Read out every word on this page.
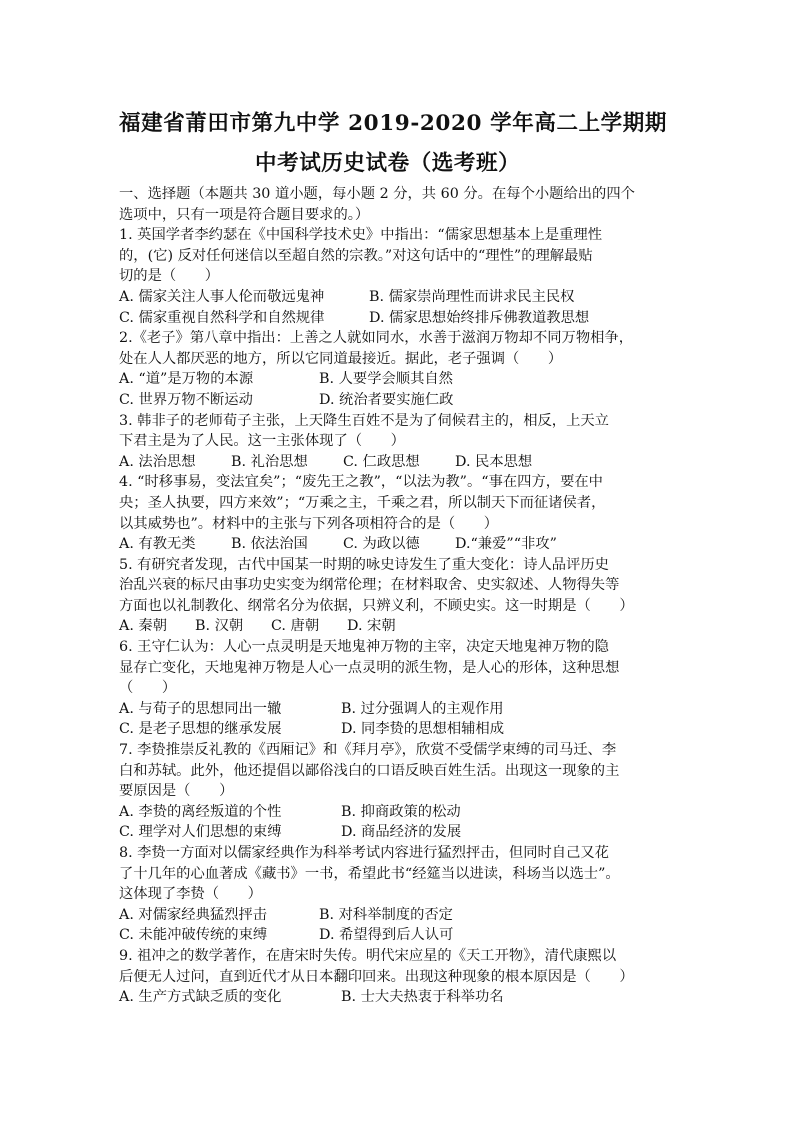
福建省莆田市第九中学 2019-2020 学年高二上学期期
中考试历史试卷（选考班）
一、选择题（本题共 30 道小题，每小题 2 分，共 60 分。在每个小题给出的四个
选项中，只有一项是符合题目要求的。）
1. 英国学者李约瑟在《中国科学技术史》中指出：“儒家思想基本上是重理性
的，(它) 反对任何迷信以至超自然的宗教。”对这句话中的“理性”的理解最贴
切的是（　　）
A. 儒家关注人事人伦而敬远鬼神	B. 儒家崇尚理性而讲求民主民权
C. 儒家重视自然科学和自然规律	D. 儒家思想始终排斥佛教道教思想
2.《老子》第八章中指出：上善之人就如同水，水善于滋润万物却不同万物相争，
处在人人都厌恶的地方，所以它同道最接近。据此，老子强调（　　）
A. “道”是万物的本源	B. 人要学会顺其自然
C. 世界万物不断运动	D. 统治者要实施仁政
3. 韩非子的老师荀子主张，上天降生百姓不是为了伺候君主的，相反，上天立
下君主是为了人民。这一主张体现了（　　）
A. 法治思想 B. 礼治思想 C. 仁政思想 D. 民本思想
4. “时移事易，变法宜矣”；“废先王之教”，“以法为教”。“事在四方，要在中
央；圣人执要，四方来效”；“万乘之主，千乘之君，所以制天下而征诸侯者，
以其威势也”。材料中的主张与下列各项相符合的是（　　）
A. 有教无类 B. 依法治国 C. 为政以德 D.“兼爱”“非攻”
5. 有研究者发现，古代中国某一时期的咏史诗发生了重大变化：诗人品评历史
治乱兴衰的标尺由事功史实变为纲常伦理；在材料取舍、史实叙述、人物得失等
方面也以礼制教化、纲常名分为依据，只辨义利，不顾史实。这一时期是（　　）
A. 秦朝 B. 汉朝 C. 唐朝 D. 宋朝
6. 王守仁认为：人心一点灵明是天地鬼神万物的主宰，决定天地鬼神万物的隐
显存亡变化，天地鬼神万物是人心一点灵明的派生物，是人心的形体，这种思想
（　　）
A. 与荀子的思想同出一辙	B. 过分强调人的主观作用
C. 是老子思想的继承发展	D. 同李贽的思想相辅相成
7. 李贽推崇反礼教的《西厢记》和《拜月亭》，欣赏不受儒学束缚的司马迁、李
白和苏轼。此外，他还提倡以鄙俗浅白的口语反映百姓生活。出现这一现象的主
要原因是（　　）
A. 李贽的离经叛道的个性	B. 抑商政策的松动
C. 理学对人们思想的束缚	D. 商品经济的发展
8. 李贽一方面对以儒家经典作为科举考试内容进行猛烈抨击，但同时自己又花
了十几年的心血著成《藏书》一书，希望此书“经筵当以进读，科场当以选士”。
这体现了李贽（　　）
A. 对儒家经典猛烈抨击	B. 对科举制度的否定
C. 未能冲破传统的束缚	D. 希望得到后人认可
9. 祖冲之的数学著作，在唐宋时失传。明代宋应星的《天工开物》，清代康熙以
后便无人过问，直到近代才从日本翻印回来。出现这种现象的根本原因是（　　）
A. 生产方式缺乏质的变化	B. 士大夫热衷于科举功名
